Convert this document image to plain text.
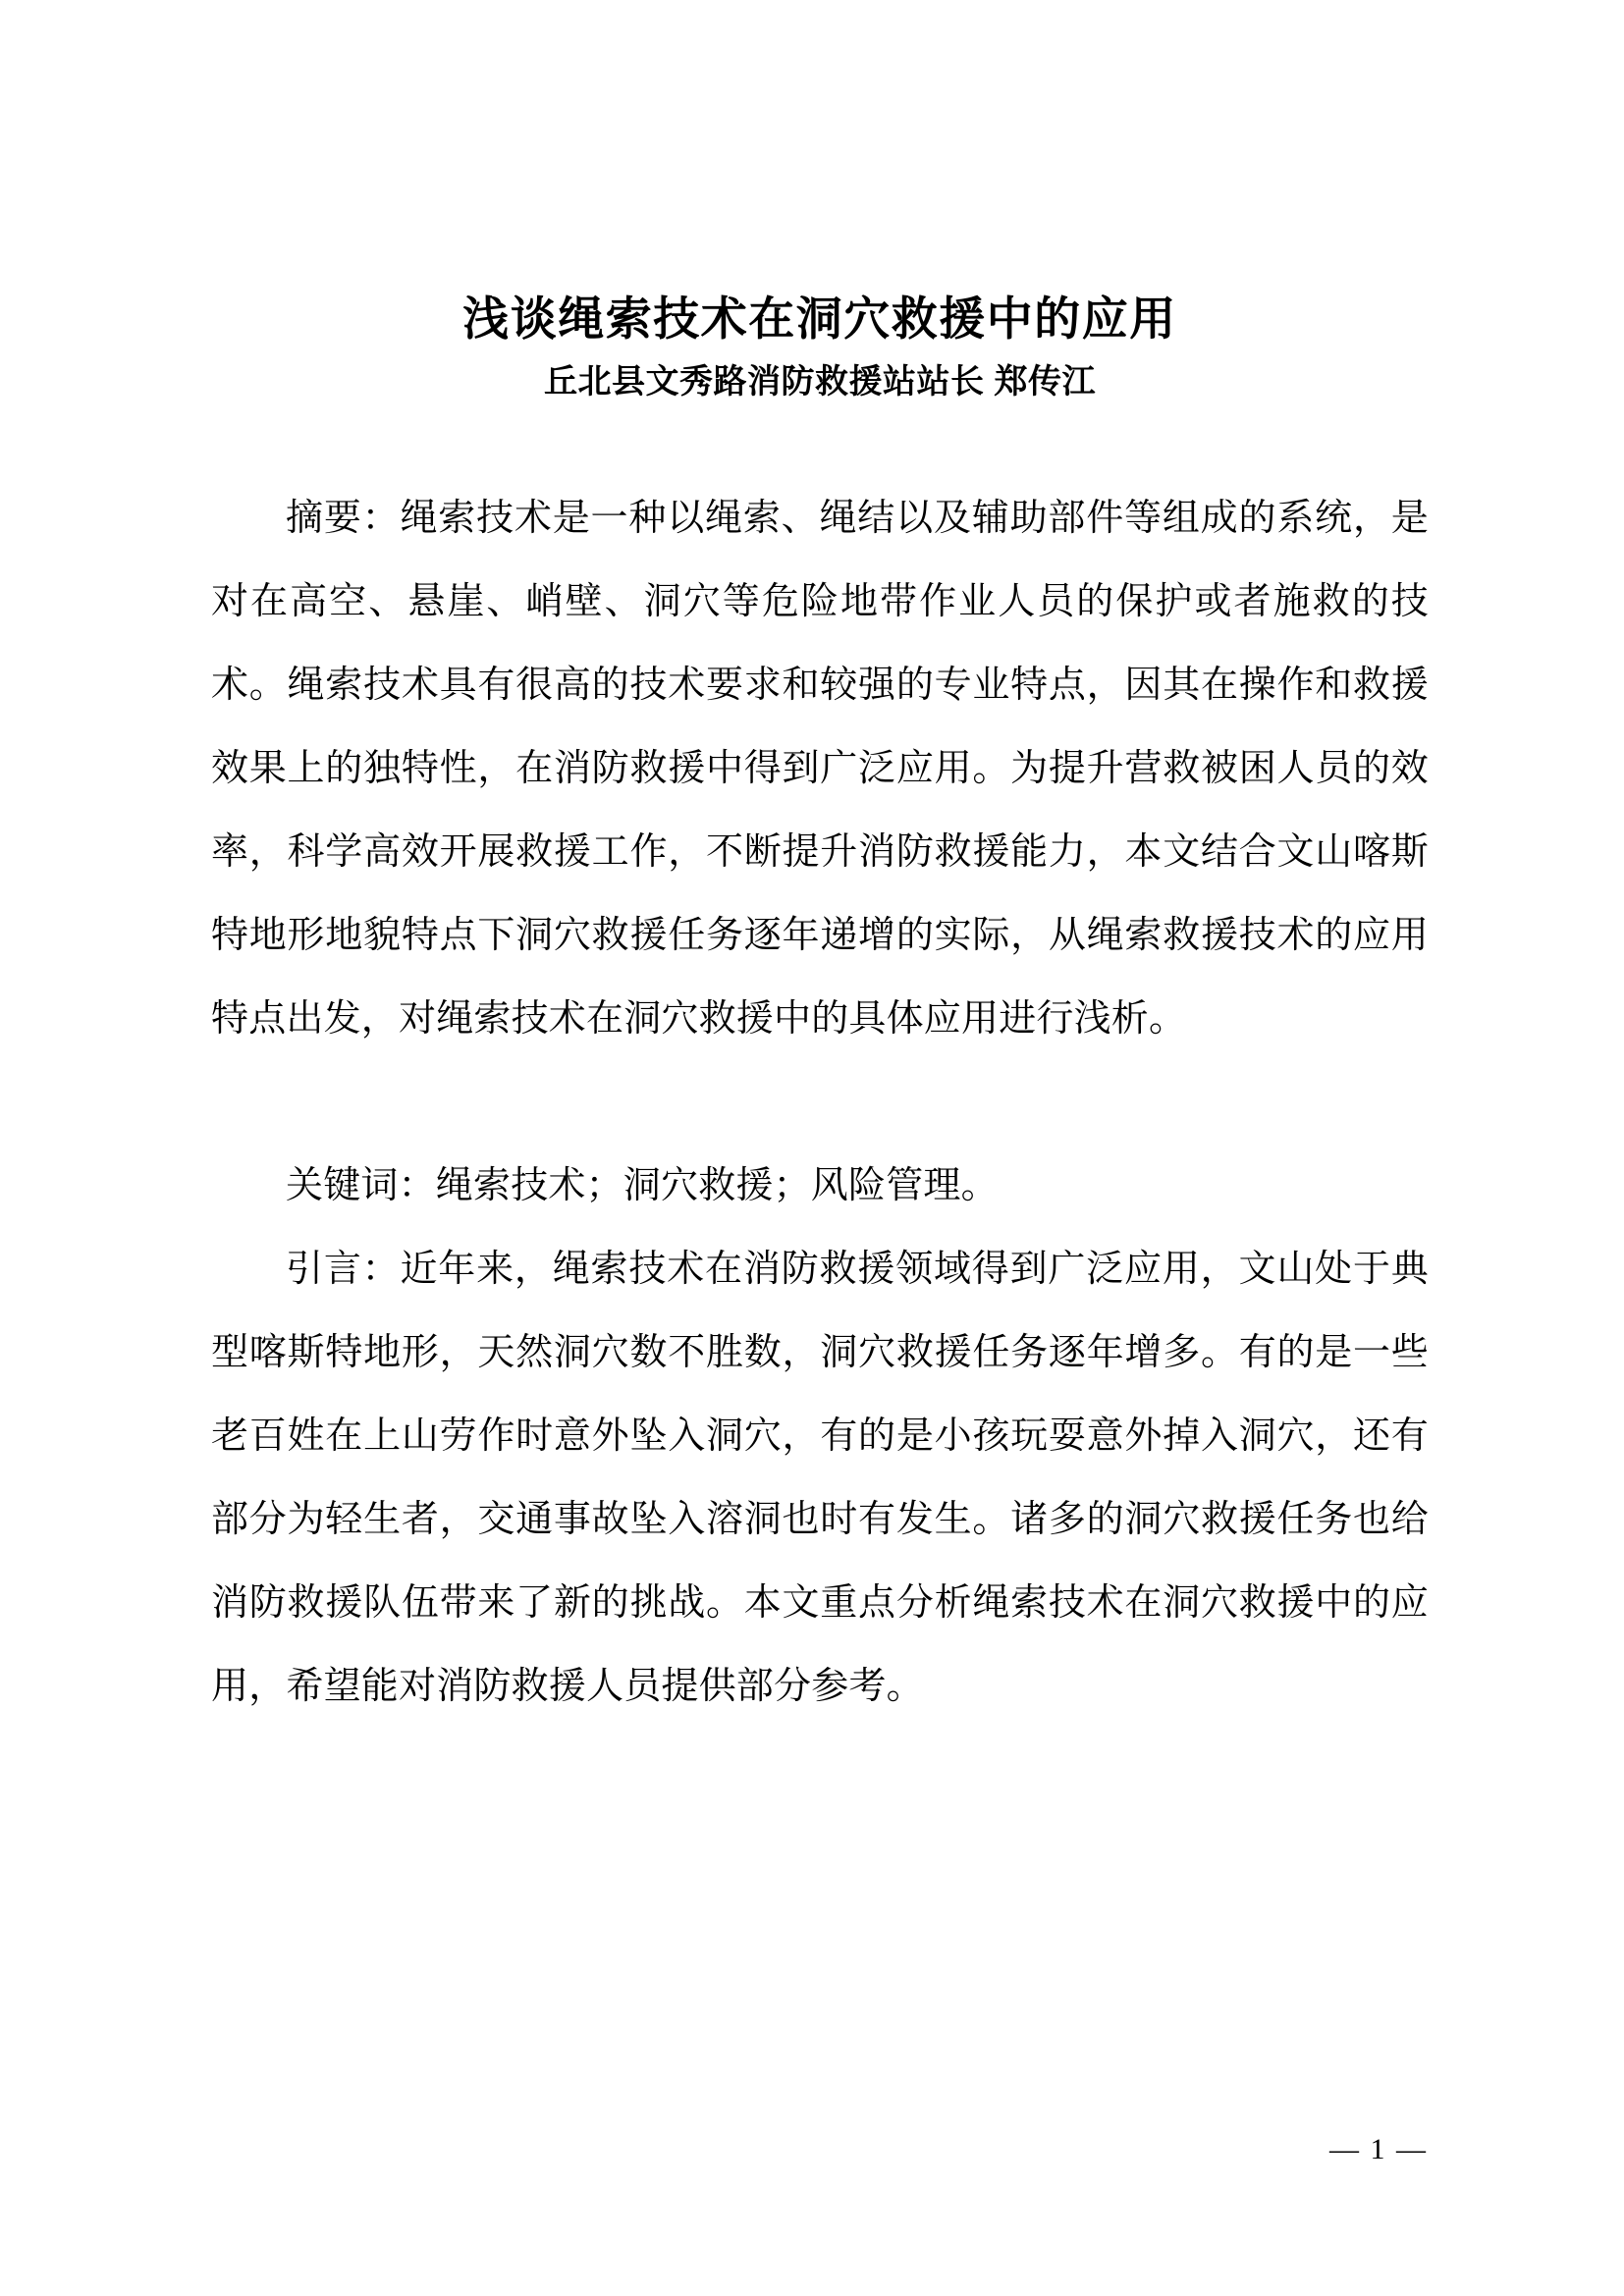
浅谈绳索技术在洞穴救援中的应用
丘北县文秀路消防救援站站长 郑传江

摘要：绳索技术是一种以绳索、绳结以及辅助部件等组成的系统，是对在高空、悬崖、峭壁、洞穴等危险地带作业人员的保护或者施救的技术。绳索技术具有很高的技术要求和较强的专业特点，因其在操作和救援效果上的独特性，在消防救援中得到广泛应用。为提升营救被困人员的效率，科学高效开展救援工作，不断提升消防救援能力，本文结合文山喀斯特地形地貌特点下洞穴救援任务逐年递增的实际，从绳索救援技术的应用特点出发，对绳索技术在洞穴救援中的具体应用进行浅析。

关键词：绳索技术；洞穴救援；风险管理。

引言：近年来，绳索技术在消防救援领域得到广泛应用，文山处于典型喀斯特地形，天然洞穴数不胜数，洞穴救援任务逐年增多。有的是一些老百姓在上山劳作时意外坠入洞穴，有的是小孩玩耍意外掉入洞穴，还有部分为轻生者，交通事故坠入溶洞也时有发生。诸多的洞穴救援任务也给消防救援队伍带来了新的挑战。本文重点分析绳索技术在洞穴救援中的应用，希望能对消防救援人员提供部分参考。

— 1 —
